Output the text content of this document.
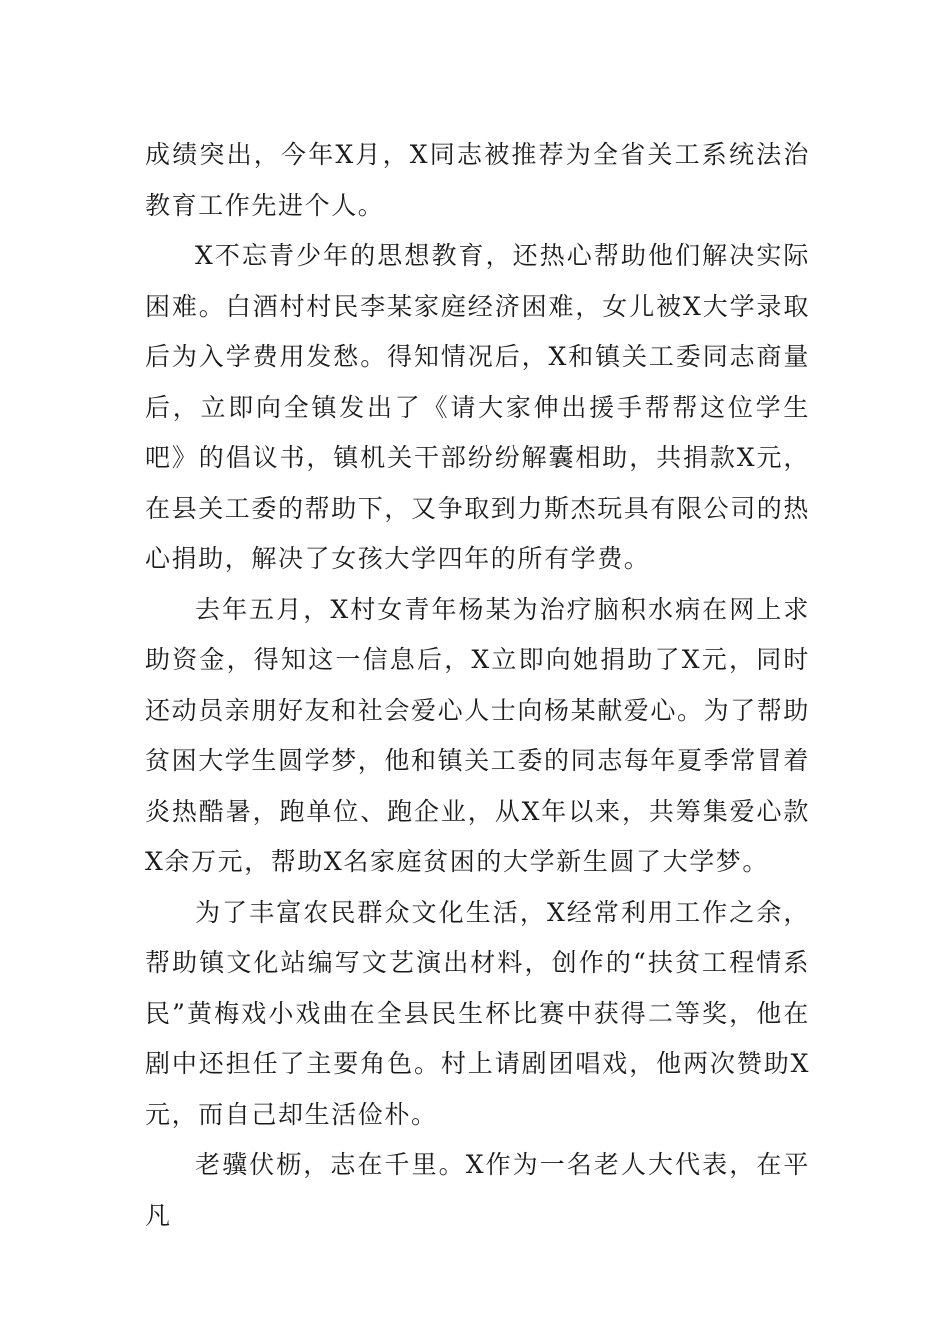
成绩突出，今年X月，X同志被推荐为全省关工系统法治教育工作先进个人。

X不忘青少年的思想教育，还热心帮助他们解决实际困难。白酒村村民李某家庭经济困难，女儿被X大学录取后为入学费用发愁。得知情况后，X和镇关工委同志商量后，立即向全镇发出了《请大家伸出援手帮帮这位学生吧》的倡议书，镇机关干部纷纷解囊相助，共捐款X元，在县关工委的帮助下，又争取到力斯杰玩具有限公司的热心捐助，解决了女孩大学四年的所有学费。

去年五月，X村女青年杨某为治疗脑积水病在网上求助资金，得知这一信息后，X立即向她捐助了X元，同时还动员亲朋好友和社会爱心人士向杨某献爱心。为了帮助贫困大学生圆学梦，他和镇关工委的同志每年夏季常冒着炎热酷暑，跑单位、跑企业，从X年以来，共筹集爱心款X余万元，帮助X名家庭贫困的大学新生圆了大学梦。

为了丰富农民群众文化生活，X经常利用工作之余，帮助镇文化站编写文艺演出材料，创作的“扶贫工程情系民”黄梅戏小戏曲在全县民生杯比赛中获得二等奖，他在剧中还担任了主要角色。村上请剧团唱戏，他两次赞助X元，而自己却生活俭朴。

老骥伏枥，志在千里。X作为一名老人大代表，在平凡
